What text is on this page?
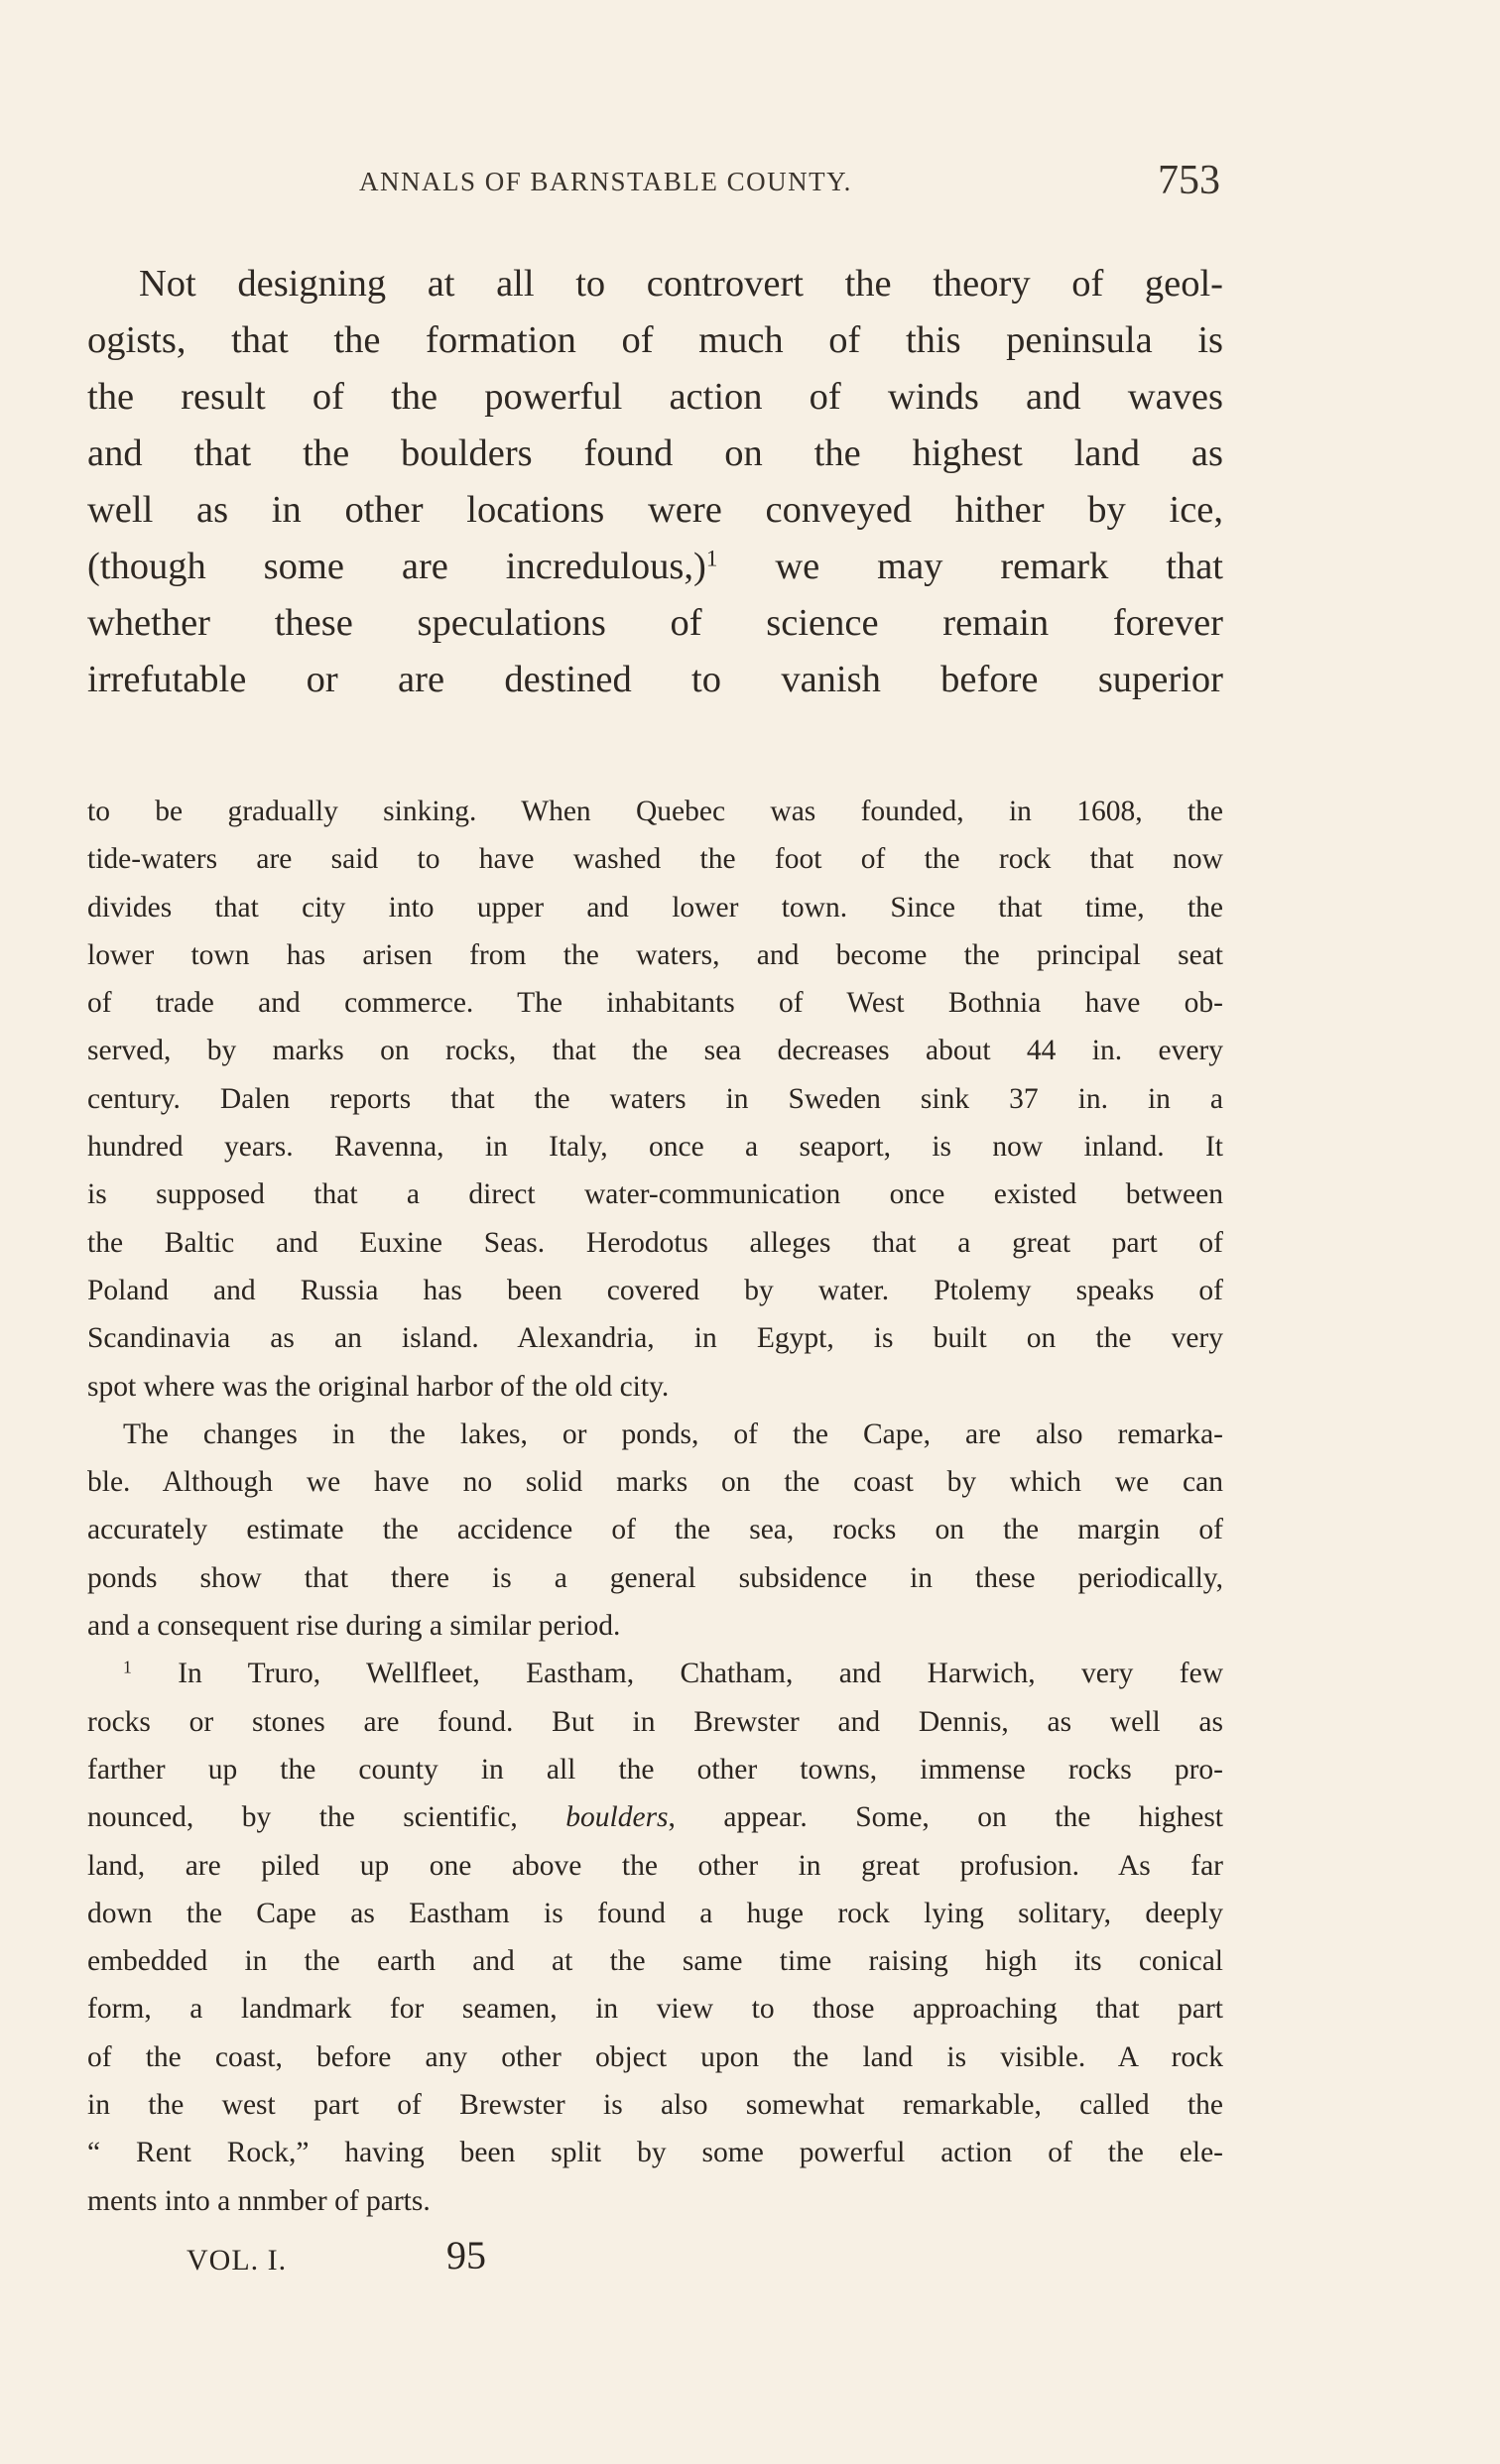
ANNALS OF BARNSTABLE COUNTY.	753
Not designing at all to controvert the theory of geol-
ogists, that the formation of much of this peninsula is
the result of the powerful action of winds and waves
and that the boulders found on the highest land as
well as in other locations were conveyed hither by ice,
(though some are incredulous,)$^1$ we may remark that
whether these speculations of science remain forever
irrefutable or are destined to vanish before superior
to be gradually sinking. When Quebec was founded, in 1608, the
tide-waters are said to have washed the foot of the rock that now
divides that city into upper and lower town. Since that time, the
lower town has arisen from the waters, and become the principal seat
of trade and commerce. The inhabitants of West Bothnia have ob-
served, by marks on rocks, that the sea decreases about 44 in. every
century. Dalen reports that the waters in Sweden sink 37 in. in a
hundred years. Ravenna, in Italy, once a seaport, is now inland. It
is supposed that a direct water-communication once existed between
the Baltic and Euxine Seas. Herodotus alleges that a great part of
Poland and Russia has been covered by water. Ptolemy speaks of
Scandinavia as an island. Alexandria, in Egypt, is built on the very
spot where was the original harbor of the old city.
The changes in the lakes, or ponds, of the Cape, are also remarka-
ble. Although we have no solid marks on the coast by which we can
accurately estimate the accidence of the sea, rocks on the margin of
ponds show that there is a general subsidence in these periodically,
and a consequent rise during a similar period.
$^1$ In Truro, Wellfleet, Eastham, Chatham, and Harwich, very few
rocks or stones are found. But in Brewster and Dennis, as well as
farther up the county in all the other towns, immense rocks pro-
nounced, by the scientific, boulders, appear. Some, on the highest
land, are piled up one above the other in great profusion. As far
down the Cape as Eastham is found a huge rock lying solitary, deeply
embedded in the earth and at the same time raising high its conical
form, a landmark for seamen, in view to those approaching that part
of the coast, before any other object upon the land is visible. A rock
in the west part of Brewster is also somewhat remarkable, called the
“ Rent Rock,” having been split by some powerful action of the ele-
ments into a nnmber of parts.
VOL. I.	95
